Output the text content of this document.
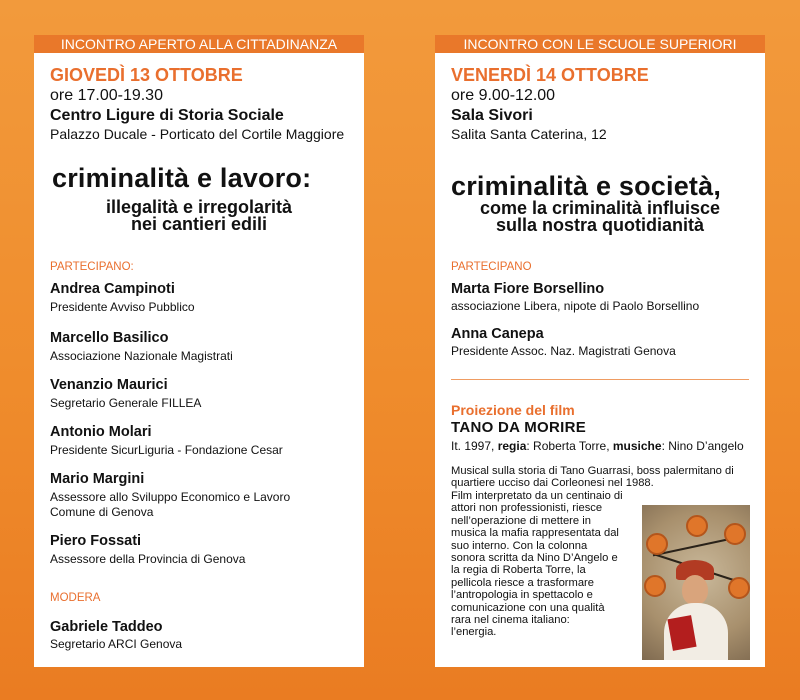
INCONTRO APERTO ALLA CITTADINANZA
GIOVEDÌ 13 OTTOBRE
ore 17.00-19.30
Centro Ligure di Storia Sociale
Palazzo Ducale - Porticato del Cortile Maggiore
criminalità e lavoro:
illegalità e irregolarità
nei cantieri edili
PARTECIPANO:
Andrea Campinoti
Presidente Avviso Pubblico
Marcello Basilico
Associazione Nazionale Magistrati
Venanzio Maurici
Segretario Generale FILLEA
Antonio Molari
Presidente SicurLiguria - Fondazione Cesar
Mario Margini
Assessore allo Sviluppo Economico e Lavoro
Comune di Genova
Piero Fossati
Assessore della Provincia di Genova
MODERA
Gabriele Taddeo
Segretario ARCI Genova
INCONTRO CON LE SCUOLE SUPERIORI
VENERDÌ 14 OTTOBRE
ore 9.00-12.00
Sala Sivori
Salita Santa Caterina, 12
criminalità e società,
come la criminalità influisce
sulla nostra quotidianità
PARTECIPANO
Marta Fiore Borsellino
associazione Libera, nipote di Paolo Borsellino
Anna Canepa
Presidente Assoc. Naz. Magistrati Genova
Proiezione del film
TANO DA MORIRE
It. 1997, regia: Roberta Torre, musiche: Nino D’angelo
Musical sulla storia di Tano Guarrasi, boss palermitano di
quartiere ucciso dai Corleonesi nel 1988.
Film interpretato da un centinaio di
attori non professionisti, riesce
nell’operazione di mettere in
musica la mafia rappresentata dal
suo interno. Con la colonna
sonora scritta da Nino D’Angelo e
la regia di Roberta Torre, la
pellicola riesce a trasformare
l’antropologia in spettacolo e
comunicazione con una qualità
rara nel cinema italiano:
l’energia.
